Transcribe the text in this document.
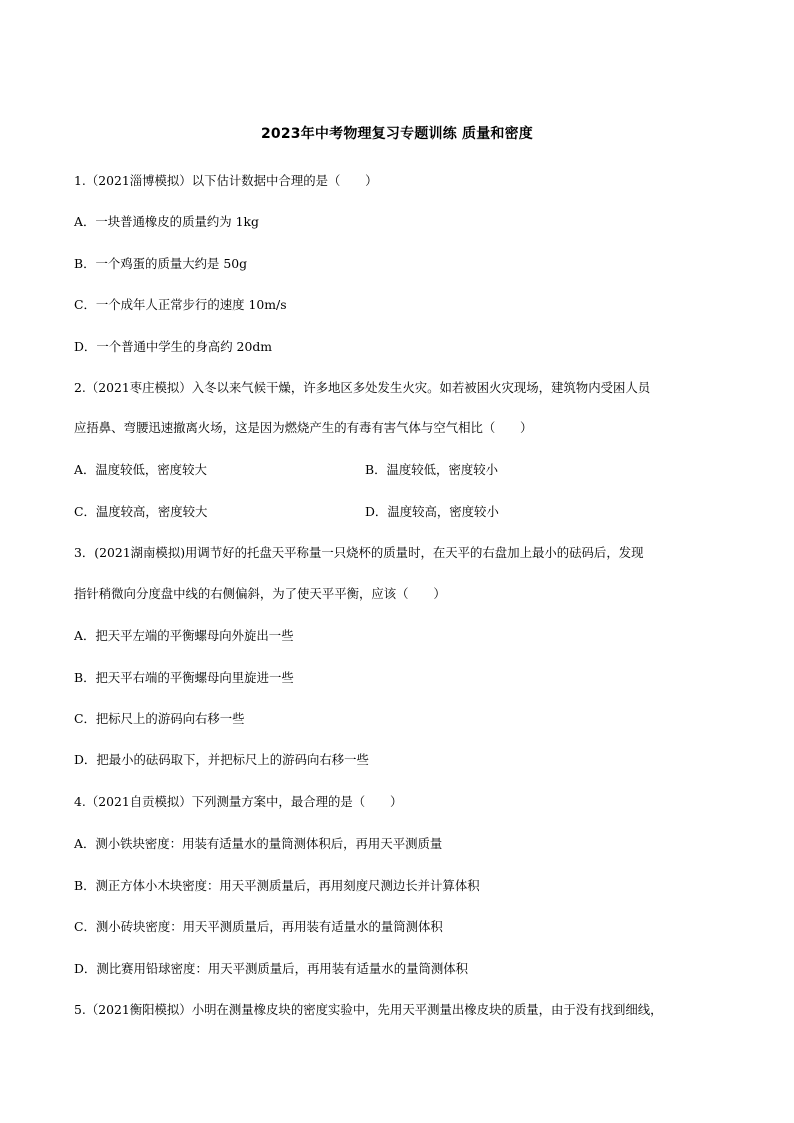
2023年中考物理复习专题训练 质量和密度
1.（2021淄博模拟）以下估计数据中合理的是（　　）
A．一块普通橡皮的质量约为 1kg
B．一个鸡蛋的质量大约是 50g
C．一个成年人正常步行的速度 10m/s
D．一个普通中学生的身高约 20dm
2.（2021枣庄模拟）入冬以来气候干燥，许多地区多处发生火灾。如若被困火灾现场，建筑物内受困人员
应捂鼻、弯腰迅速撤离火场，这是因为燃烧产生的有毒有害气体与空气相比（　　）
A．温度较低，密度较大	B．温度较低，密度较小
C．温度较高，密度较大	D．温度较高，密度较小
3．(2021湖南模拟)用调节好的托盘天平称量一只烧杯的质量时，在天平的右盘加上最小的砝码后，发现
指针稍微向分度盘中线的右侧偏斜，为了使天平平衡，应该（　　）
A．把天平左端的平衡螺母向外旋出一些
B．把天平右端的平衡螺母向里旋进一些
C．把标尺上的游码向右移一些
D．把最小的砝码取下，并把标尺上的游码向右移一些
4.（2021自贡模拟）下列测量方案中，最合理的是（　　）
A．测小铁块密度：用装有适量水的量筒测体积后，再用天平测质量
B．测正方体小木块密度：用天平测质量后，再用刻度尺测边长并计算体积
C．测小砖块密度：用天平测质量后，再用装有适量水的量筒测体积
D．测比赛用铅球密度：用天平测质量后，再用装有适量水的量筒测体积
5.（2021衡阳模拟）小明在测量橡皮块的密度实验中，先用天平测量出橡皮块的质量，由于没有找到细线，
